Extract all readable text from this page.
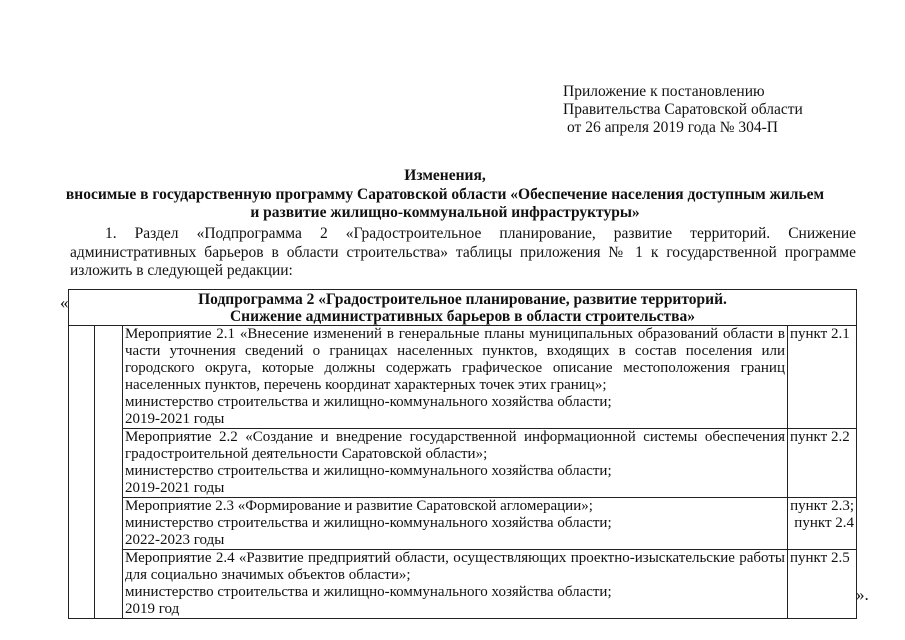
Приложение к постановлению
Правительства Саратовской области
от 26 апреля 2019 года № 304-П
Изменения,
вносимые в государственную программу Саратовской области «Обеспечение населения доступным жильем
и развитие жилищно-коммунальной инфраструктуры»
1. Раздел «Подпрограмма 2 «Градостроительное планирование, развитие территорий. Снижение административных барьеров в области строительства» таблицы приложения № 1 к государственной программе изложить в следующей редакции:
«	Подпрограмма 2 «Градостроительное планирование, развитие территорий.
Снижение административных барьеров в области строительства»			

		Мероприятие 2.1 «Внесение изменений в генеральные планы муниципальных образований области в части уточнения сведений о границах населенных пунктов, входящих в состав поселения или городского округа, которые должны содержать графическое описание местоположения границ населенных пунктов, перечень координат характерных точек этих границ»;
министерство строительства и жилищно-коммунального хозяйства области;
2019-2021 годы	пункт 2.1

		Мероприятие 2.2 «Создание и внедрение государственной информационной системы обеспечения градостроительной деятельности Саратовской области»;
министерство строительства и жилищно-коммунального хозяйства области;
2019-2021 годы	пункт 2.2

		Мероприятие 2.3 «Формирование и развитие Саратовской агломерации»;
министерство строительства и жилищно-коммунального хозяйства области;
2022-2023 годы	пункт 2.3;
пункт 2.4

		Мероприятие 2.4 «Развитие предприятий области, осуществляющих проектно-изыскательские работы для социально значимых объектов области»;
министерство строительства и жилищно-коммунального хозяйства области;
2019 год	пункт 2.5
».
